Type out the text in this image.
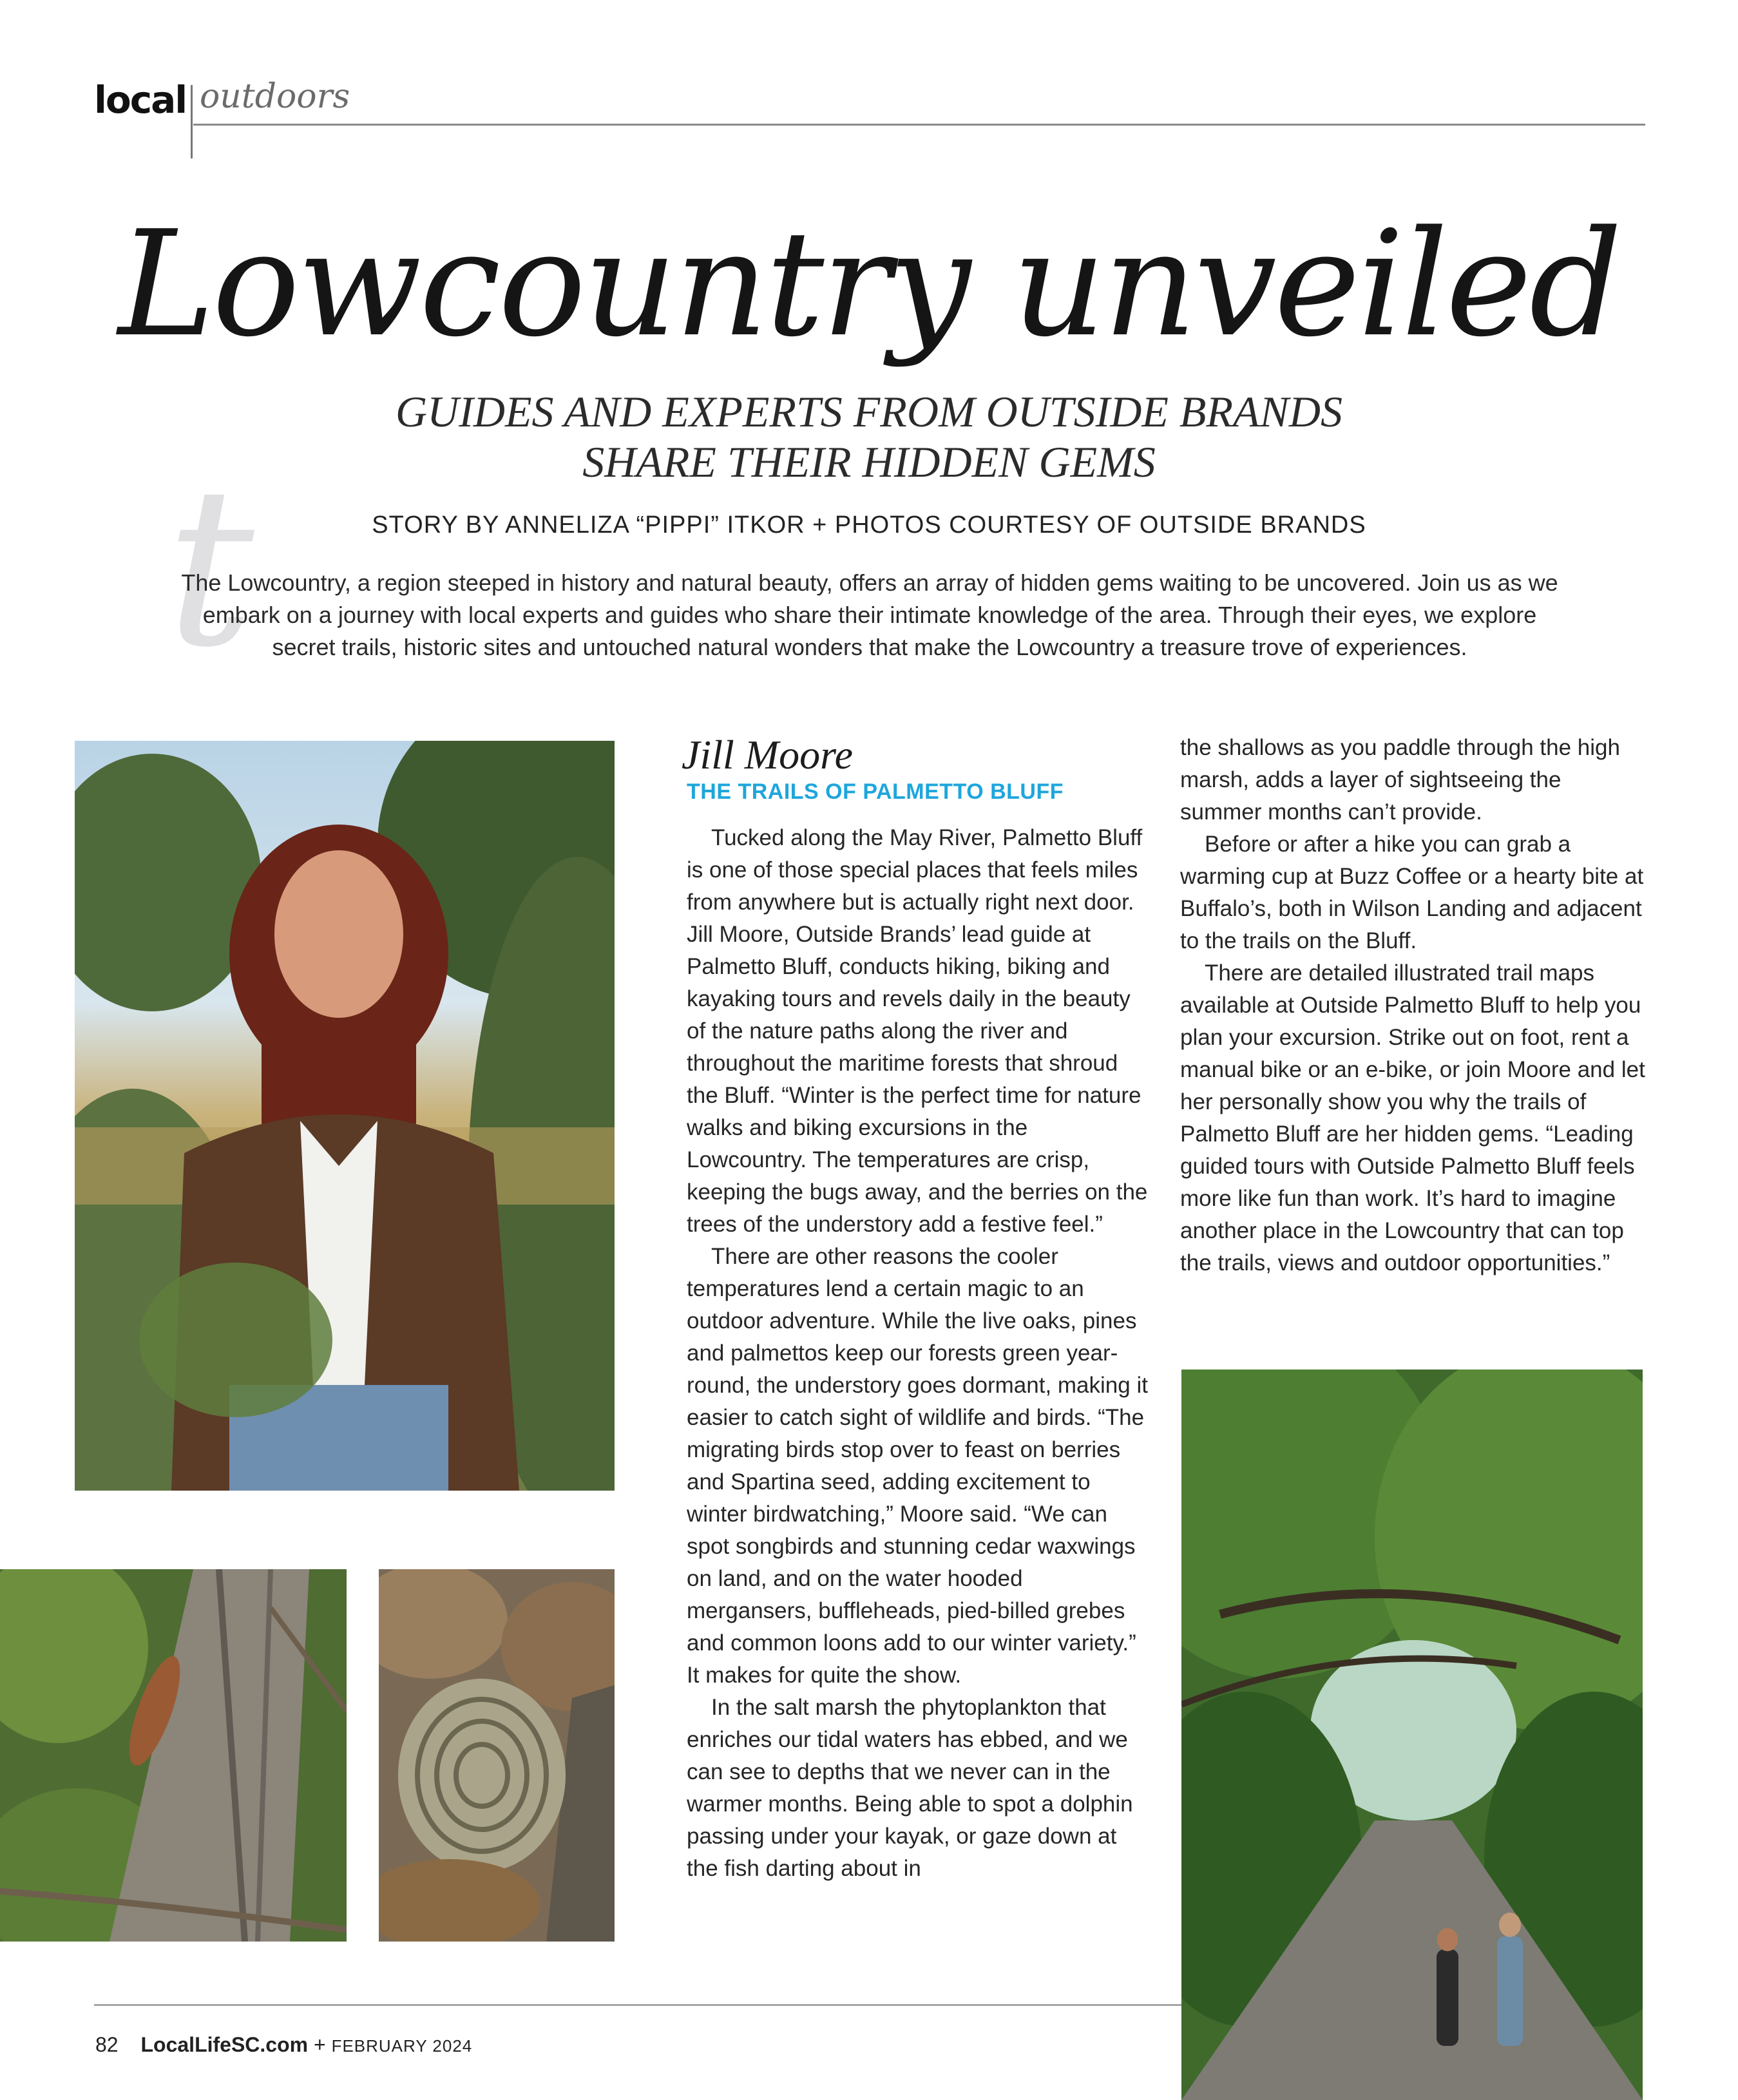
local outdoors
Lowcountry unveiled
GUIDES AND EXPERTS FROM OUTSIDE BRANDS
SHARE THEIR HIDDEN GEMS
t	STORY BY ANNELIZA “PIPPI” ITKOR + PHOTOS COURTESY OF OUTSIDE BRANDS
The Lowcountry, a region steeped in history and natural beauty, offers an array of hidden gems waiting to be uncovered. Join us as we embark on a journey with local experts and guides who share their intimate knowledge of the area. Through their eyes, we explore secret trails, historic sites and untouched natural wonders that make the Lowcountry a treasure trove of experiences.
Jill Moore
THE TRAILS OF PALMETTO BLUFF

Tucked along the May River, Palmetto Bluff is one of those special places that feels miles from anywhere but is actually right next door. Jill Moore, Outside Brands’ lead guide at Palmetto Bluff, conducts hiking, biking and kayaking tours and revels daily in the beauty of the nature paths along the river and throughout the maritime forests that shroud the Bluff. “Winter is the perfect time for nature walks and biking excursions in the Lowcountry. The temperatures are crisp, keeping the bugs away, and the berries on the trees of the understory add a festive feel.”

There are other reasons the cooler temperatures lend a certain magic to an outdoor adventure. While the live oaks, pines and palmettos keep our forests green year-round, the understory goes dormant, making it easier to catch sight of wildlife and birds. “The migrating birds stop over to feast on berries and Spartina seed, adding excitement to winter birdwatching,” Moore said. “We can spot songbirds and stunning cedar waxwings on land, and on the water hooded mergansers, buffleheads, pied-billed grebes and common loons add to our winter variety.” It makes for quite the show.

In the salt marsh the phytoplankton that enriches our tidal waters has ebbed, and we can see to depths that we never can in the warmer months. Being able to spot a dolphin passing under your kayak, or gaze down at the fish darting about in

the shallows as you paddle through the high marsh, adds a layer of sightseeing the summer months can’t provide.

Before or after a hike you can grab a warming cup at Buzz Coffee or a hearty bite at Buffalo’s, both in Wilson Landing and adjacent to the trails on the Bluff.

There are detailed illustrated trail maps available at Outside Palmetto Bluff to help you plan your excursion. Strike out on foot, rent a manual bike or an e-bike, or join Moore and let her personally show you why the trails of Palmetto Bluff are her hidden gems. “Leading guided tours with Outside Palmetto Bluff feels more like fun than work. It’s hard to imagine another place in the Lowcountry that can top the trails, views and outdoor opportunities.”

82 LocalLifeSC.com + FEBRUARY 2024
